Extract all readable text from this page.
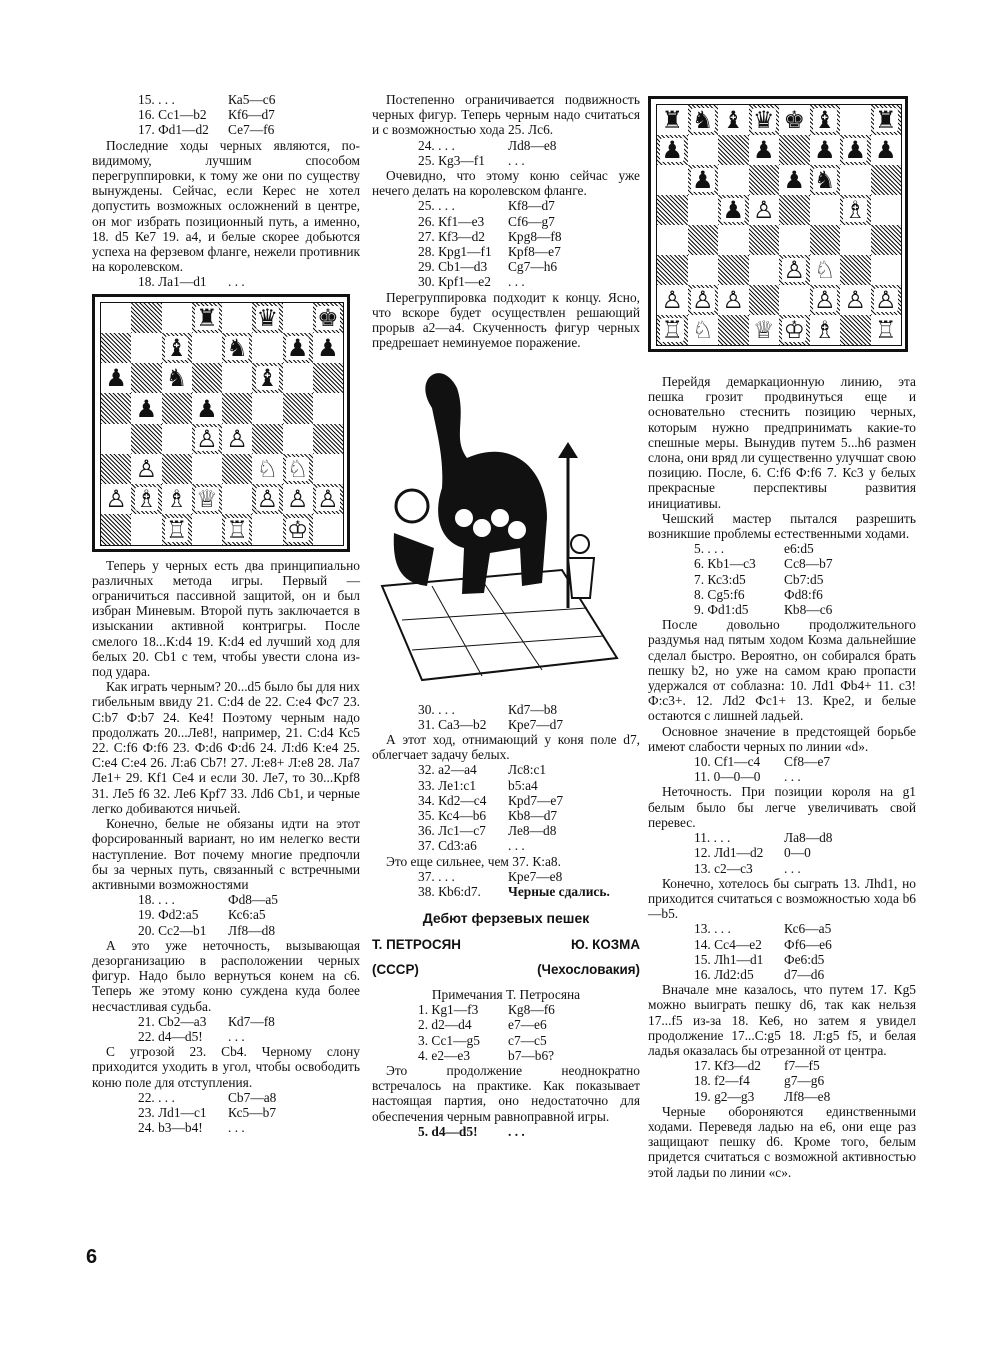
15. . . .	Ка5—с6
16. Сс1—b2	Кf6—d7
17. Фd1—d2	Се7—f6

Последние ходы черных являются, по-видимому, лучшим способом перегруппировки, к тому же они по существу вынуждены. Сейчас, если Керес не хотел допустить возможных осложнений в центре, он мог избрать позиционный путь, а именно, 18. d5 Ке7 19. а4, и белые скорее добьются успеха на ферзевом фланге, нежели противник на королевском.

18. Лa1—d1	. . .
♜ ♛ ♚
♝ ♞ ♟ ♟
♟ ♞	♝
♟ ♟
♙ ♙
♙	♘ ♘
♙ ♗ ♗ ♕ ♙ ♙ ♙
♖ ♖ ♔

Теперь у черных есть два принципиально различных метода игры. Первый — ограничиться пассивной защитой, он и был избран Миневым. Второй путь заключается в изыскании активной контригры. После смелого 18...К:d4 19. К:d4 ed лучший ход для белых 20. Cb1 с тем, чтобы увести слона из-под удара.

Как играть черным? 20...d5 было бы для них гибельным ввиду 21. С:d4 de 22. С:е4 Фс7 23. С:b7 Ф:b7 24. Ке4! Поэтому черным надо продолжать 20...Ле8!, например, 21. С:d4 Кс5 22. С:f6 Ф:f6 23. Ф:d6 Ф:d6 24. Л:d6 К:е4 25. С:е4 С:е4 26. Л:а6 Cb7! 27. Л:е8+ Л:е8 28. Ла7 Ле1+ 29. Кf1 Се4 и если 30. Ле7, то 30...Крf8 31. Ле5 f6 32. Ле6 Крf7 33. Лd6 Cb1, и черные легко добиваются ничьей.

Конечно, белые не обязаны идти на этот форсированный вариант, но им нелегко вести наступление. Вот почему многие предпочли бы за черных путь, связанный с встречными активными возможностями

18. . . .	Фd8—а5
19. Фd2:а5	Кс6:а5
20. Cc2—b1	Лf8—d8

А это уже неточность, вызывающая дезорганизацию в расположении черных фигур. Надо было вернуться конем на с6. Теперь же этому коню суждена куда более несчастливая судьба.

21. Cb2—а3	Кd7—f8
22. d4—d5!	. . .

С угрозой 23. Cb4. Черному слону приходится уходить в угол, чтобы освободить коню поле для отступления.

22. . . .	Cb7—а8
23. Лd1—с1	Кс5—b7
24. b3—b4!	. . .

Постепенно ограничивается подвижность черных фигур. Теперь черным надо считаться и с возможностью хода 25. Лс6.

24. . . .	Лd8—е8
25. Кg3—f1	. . .

Очевидно, что этому коню сейчас уже нечего делать на королевском фланге.

25. . . .	Кf8—d7
26. Кf1—е3	Сf6—g7
27. Кf3—d2	Крg8—f8
28. Крg1—f1	Крf8—е7
29. Cb1—d3	Cg7—h6
30. Крf1—е2	. . .

Перегруппировка подходит к концу. Ясно, что вскоре будет осуществлен решающий прорыв а2—а4. Скученность фигур черных предрешает неминуемое поражение.

30. . . .	Кd7—b8
31. Са3—b2	Кре7—d7

А этот ход, отнимающий у коня поле d7, облегчает задачу белых.

32. а2—а4	Лс8:с1
33. Ле1:с1	b5:а4
34. Кd2—с4	Крd7—е7
35. Кс4—b6	Кb8—d7
36. Лс1—с7	Ле8—d8
37. Cd3:а6	. . .

Это еще сильнее, чем 37. К:а8.

37. . . .	Кре7—е8
38. Кb6:d7.	Черные сдались.
Дебют ферзевых пешек
Т. ПЕТРОСЯН	Ю. КОЗМА
(СССР)	(Чехословакия)
Примечания Т. Петросяна
1. Кg1—f3	Кg8—f6
2. d2—d4	е7—е6
3. Сс1—g5	с7—с5
4. е2—е3	b7—b6?

Это продолжение неоднократно встречалось на практике. Как показывает настоящая партия, оно недостаточно для обеспечения черным равноправной игры.

5. d4—d5!	. . .
♜ ♞ ♝ ♛ ♚ ♝ ♜
♟	♟ ♟ ♟ ♟
♟	♟ ♞
♟ ♙	♗
♙ ♘
♙ ♙ ♙	♙ ♙ ♙
♖ ♘ ♕ ♔ ♗ ♖

Перейдя демаркационную линию, эта пешка грозит продвинуться еще и основательно стеснить позицию черных, которым нужно предпринимать какие-то спешные меры. Вынудив путем 5...h6 размен слона, они вряд ли существенно улучшат свою позицию. После, 6. С:f6 Ф:f6 7. Кс3 у белых прекрасные перспективы развития инициативы.

Чешский мастер пытался разрешить возникшие проблемы естественными ходами.

5. . . .	е6:d5
6. Кb1—с3	Сс8—b7
7. Кс3:d5	Cb7:d5
8. Cg5:f6	Фd8:f6
9. Фd1:d5	Кb8—с6

После довольно продолжительного раздумья над пятым ходом Козма дальнейшие сделал быстро. Вероятно, он собирался брать пешку b2, но уже на самом краю пропасти удержался от соблазна: 10. Лd1 Фb4+ 11. с3! Ф:с3+. 12. Лd2 Фс1+ 13. Кре2, и белые остаются с лишней ладьей.

Основное значение в предстоящей борьбе имеют слабости черных по линии «d».

10. Сf1—с4	Сf8—е7
11. 0—0—0	. . .

Неточность. При позиции короля на g1 белым было бы легче увеличивать свой перевес.

11. . . .	Ла8—d8
12. Лd1—d2	0—0
13. с2—с3	. . .

Конечно, хотелось бы сыграть 13. Лhd1, но приходится считаться с возможностью хода b6—b5.

13. . . .	Кс6—а5
14. Сс4—е2	Фf6—е6
15. Лh1—d1	Фе6:d5
16. Лd2:d5	d7—d6

Вначале мне казалось, что путем 17. Кg5 можно выиграть пешку d6, так как нельзя 17...f5 из-за 18. Ке6, но затем я увидел продолжение 17...С:g5 18. Л:g5 f5, и белая ладья оказалась бы отрезанной от центра.

17. Кf3—d2	f7—f5
18. f2—f4	g7—g6
19. g2—g3	Лf8—е8

Черные обороняются единственными ходами. Переведя ладью на е6, они еще раз защищают пешку d6. Кроме того, белым придется считаться с возможной активностью этой ладьи по линии «с».

6
